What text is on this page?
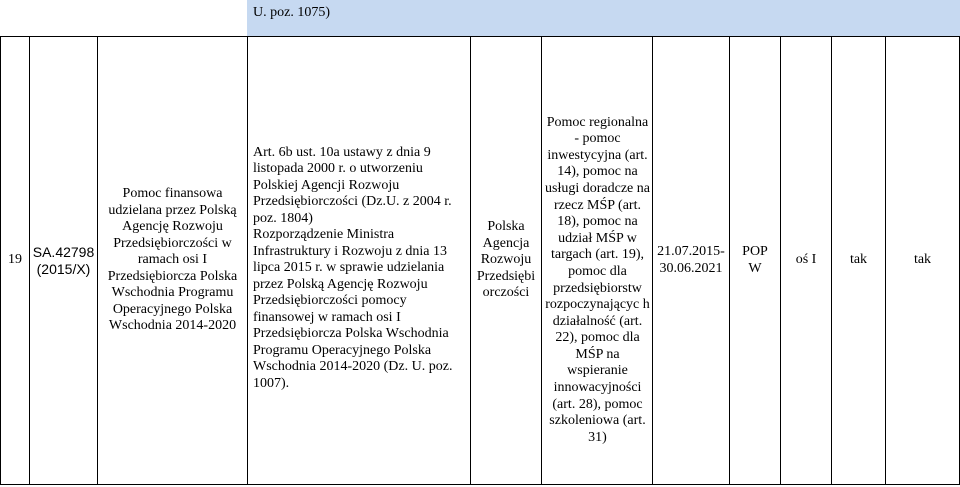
U. poz. 1075)
19 SA.42798
(2015/X)
Pomoc finansowa udzielana przez Polską Agencję Rozwoju Przedsiębiorczości w ramach osi I Przedsiębiorcza Polska Wschodnia Programu Operacyjnego Polska Wschodnia 2014-2020
Art. 6b ust. 10a ustawy z dnia 9 listopada 2000 r. o utworzeniu Polskiej Agencji Rozwoju Przedsiębiorczości (Dz.U. z 2004 r. poz. 1804)
Rozporządzenie Ministra Infrastruktury i Rozwoju z dnia 13 lipca 2015 r. w sprawie udzielania przez Polską Agencję Rozwoju Przedsiębiorczości pomocy finansowej w ramach osi I Przedsiębiorcza Polska Wschodnia Programu Operacyjnego Polska Wschodnia 2014-2020 (Dz. U. poz. 1007).
Polska
Agencja
Rozwoju
Przedsiębi
orczości
Pomoc regionalna - pomoc inwestycyjna (art. 14), pomoc na usługi doradcze na rzecz MŚP (art. 18), pomoc na udział MŚP w targach (art. 19), pomoc dla przedsiębiorstw rozpoczynającyc h działalność (art. 22), pomoc dla MŚP na wspieranie innowacyjności (art. 28), pomoc szkoleniowa (art. 31)
21.07.2015-
30.06.2021
POP
W
oś I tak	tak
